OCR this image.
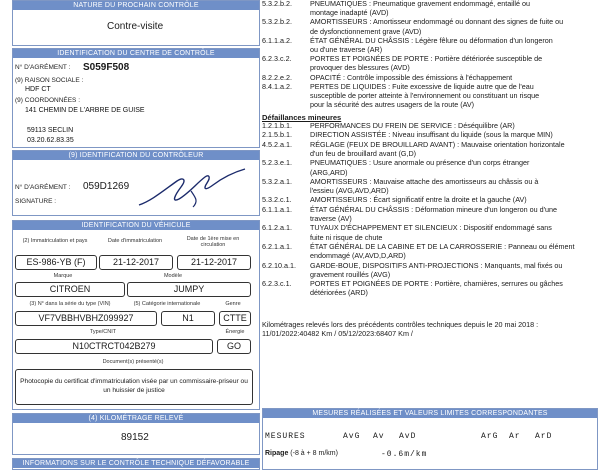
NATURE DU PROCHAIN CONTRÔLE
Contre-visite
IDENTIFICATION DU CENTRE DE CONTRÔLE
N° D'AGRÉMENT : S059F508
(9) RAISON SOCIALE :
HDF CT
(9) COORDONNÉES :
141 CHEMIN DE L'ARBRE DE GUISE
59113 SECLIN
03.20.62.83.35
(9) IDENTIFICATION DU CONTRÔLEUR
N° D'AGRÉMENT : 059D1269
SIGNATURE :
IDENTIFICATION DU VÉHICULE
(2) Immatriculation et pays	Date d'immatriculation	Date de 1ère mise en circulation
ES-986-YB (F)	21-12-2017	21-12-2017
Marque	Modèle
CITROEN	JUMPY
(3) N° dans la série du type (VIN)	(5) Catégorie internationale	Genre
VF7VBBHVBHZ099927	N1	CTTE
Type/CNIT	Énergie
N10CTRCT042B279	GO
Document(s) présenté(s)
Photocopie du certificat d'immatriculation visée par un commissaire-priseur ou un huissier de justice
(4) KILOMÉTRAGE RELEVÉ
89152
INFORMATIONS SUR LE CONTRÔLE TECHNIQUE DÉFAVORABLE
5.3.2.b.2.	PNEUMATIQUES : Pneumatique gravement endommagé, entaillé ou
montage inadapté (AVD)
5.3.2.b.2.	AMORTISSEURS : Amortisseur endommagé ou donnant des signes de fuite ou
de dysfonctionnement grave (AVD)
6.1.1.a.2.	ÉTAT GÉNÉRAL DU CHÂSSIS : Légère fêlure ou déformation d'un longeron
ou d'une traverse (AR)
6.2.3.c.2.	PORTES ET POIGNÉES DE PORTE : Portière détériorée susceptible de
provoquer des blessures (AVD)
8.2.2.e.2.	OPACITÉ : Contrôle impossible des émissions à l'échappement
8.4.1.a.2.	PERTES DE LIQUIDES : Fuite excessive de liquide autre que de l'eau
susceptible de porter atteinte à l'environnement ou constituant un risque
pour la sécurité des autres usagers de la route (AV)
Défaillances mineures
1.2.1.b.1.	PERFORMANCES DU FREIN DE SERVICE : Déséquilibre (AR)
2.1.5.b.1.	DIRECTION ASSISTÉE : Niveau insuffisant du liquide (sous la marque MIN)
4.5.2.a.1.	RÉGLAGE (FEUX DE BROUILLARD AVANT) : Mauvaise orientation horizontale
d'un feu de brouillard avant (G,D)
5.2.3.e.1.	PNEUMATIQUES : Usure anormale ou présence d'un corps étranger
(ARG,ARD)
5.3.2.a.1.	AMORTISSEURS : Mauvaise attache des amortisseurs au châssis ou à
l'essieu (AVG,AVD,ARD)
5.3.2.c.1.	AMORTISSEURS : Écart significatif entre la droite et la gauche (AV)
6.1.1.a.1.	ÉTAT GÉNÉRAL DU CHÂSSIS : Déformation mineure d'un longeron ou d'une
traverse (AV)
6.1.2.a.1.	TUYAUX D'ÉCHAPPEMENT ET SILENCIEUX : Dispositif endommagé sans
fuite ni risque de chute
6.2.1.a.1.	ÉTAT GÉNÉRAL DE LA CABINE ET DE LA CARROSSERIE : Panneau ou élément
endommagé (AV,AVD,D,ARD)
6.2.10.a.1. GARDE-BOUE, DISPOSITIFS ANTI-PROJECTIONS : Manquants, mal fixés ou
gravement rouillés (AVG)
6.2.3.c.1.	PORTES ET POIGNÉES DE PORTE : Portière, charnières, serrures ou gâches
détériorées (ARD)
Kilométrages relevés lors des précédents contrôles techniques depuis le 20 mai 2018 :
11/01/2022:40482 Km / 05/12/2023:68407 Km /
MESURES RÉALISÉES ET VALEURS LIMITES CORRESPONDANTES
MESURES	AvG Av AvD	ArG Ar ArD
Ripage (-8 à + 8 m/km)	-0.6m/km
